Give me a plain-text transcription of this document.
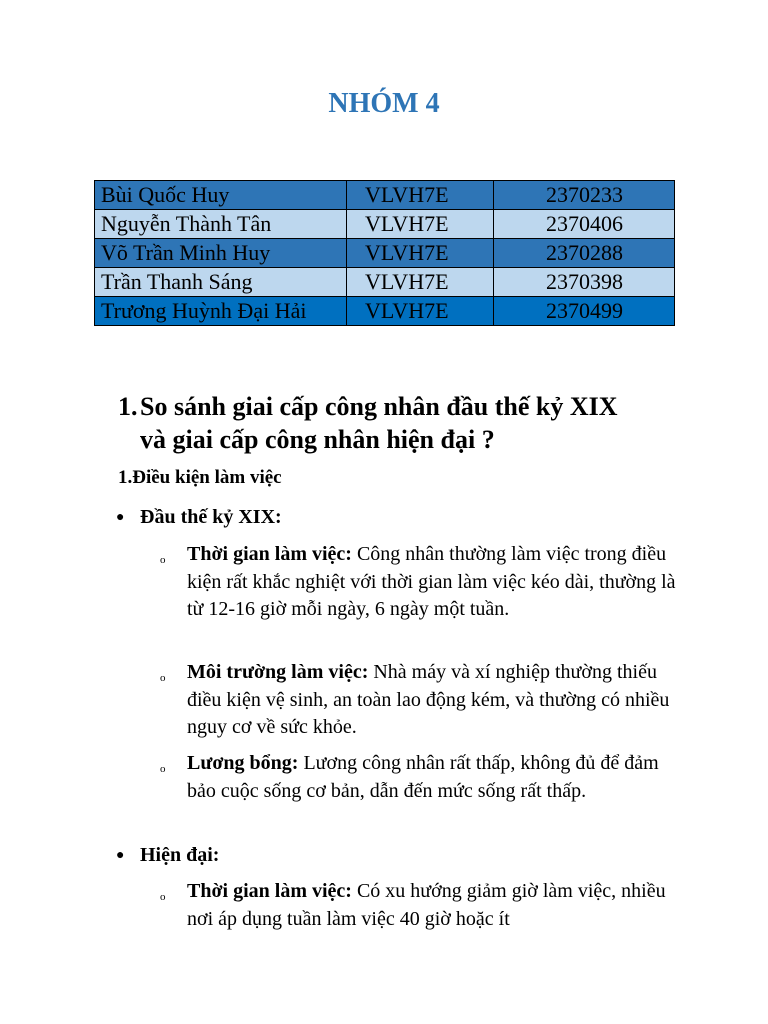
NHÓM 4
Bùi Quốc Huy	VLVH7E	2370233
Nguyễn Thành Tân	VLVH7E	2370406
Võ Trần Minh Huy	VLVH7E	2370288
Trần Thanh Sáng	VLVH7E	2370398
Trương Huỳnh Đại Hải	VLVH7E	2370499
1.So sánh giai cấp công nhân đầu thế kỷ XIX
và giai cấp công nhân hiện đại ?
1.Điều kiện làm việc
● Đầu thế kỷ XIX:
o Thời gian làm việc: Công nhân thường làm việc trong điều kiện rất khắc nghiệt với thời gian làm việc kéo dài, thường là từ 12-16 giờ mỗi ngày, 6 ngày một tuần.
o Môi trường làm việc: Nhà máy và xí nghiệp thường thiếu điều kiện vệ sinh, an toàn lao động kém, và thường có nhiều nguy cơ về sức khỏe.
o Lương bổng: Lương công nhân rất thấp, không đủ để đảm bảo cuộc sống cơ bản, dẫn đến mức sống rất thấp.
● Hiện đại:
o Thời gian làm việc: Có xu hướng giảm giờ làm việc, nhiều nơi áp dụng tuần làm việc 40 giờ hoặc ít
